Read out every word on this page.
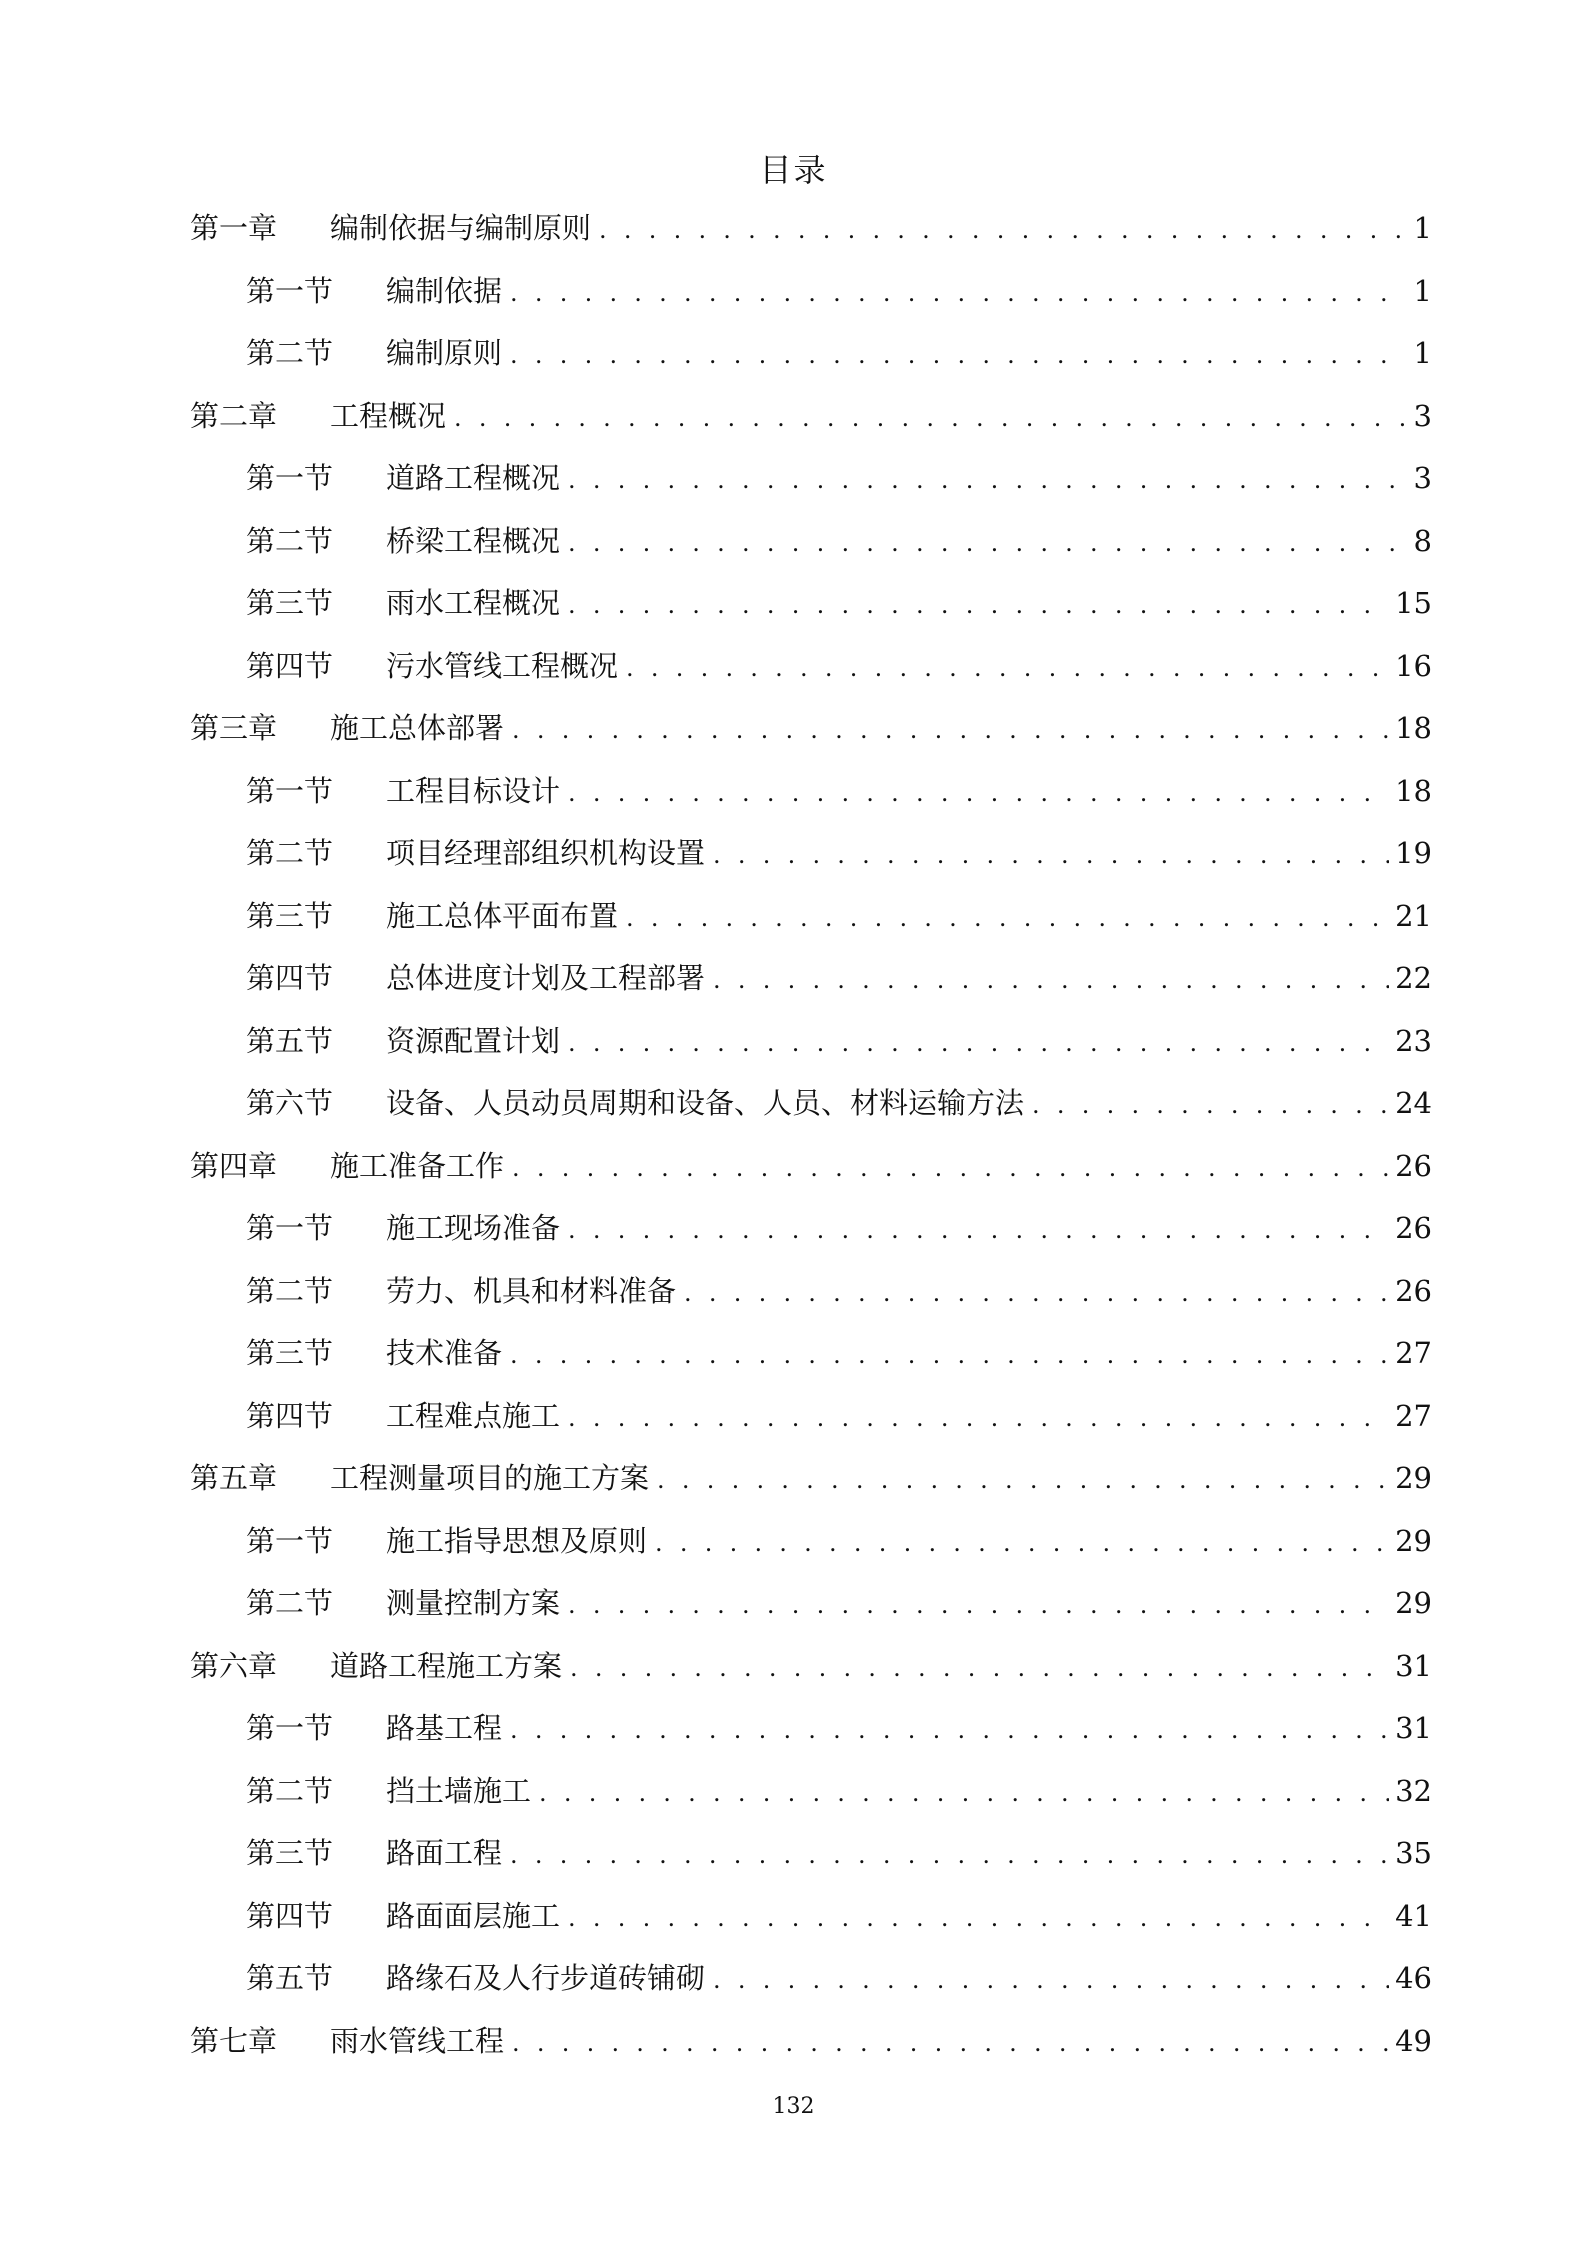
目录
第一章	编制依据与编制原则 . . .	1
第一节	编制依据 . . .	1
第二节	编制原则 . . .	1
第二章	工程概况 . . .	3
第一节	道路工程概况 . . .	3
第二节	桥梁工程概况 . . .	8
第三节	雨水工程概况 . . .	15
第四节	污水管线工程概况 . . .	16
第三章	施工总体部署 . . .	18
第一节	工程目标设计 . . .	18
第二节	项目经理部组织机构设置 . . .	19
第三节	施工总体平面布置 . . .	21
第四节	总体进度计划及工程部署 . . .	22
第五节	资源配置计划 . . .	23
第六节	设备、人员动员周期和设备、人员、材料运输方法 . . .	24
第四章	施工准备工作 . . .	26
第一节	施工现场准备 . . .	26
第二节	劳力、机具和材料准备 . . .	26
第三节	技术准备 . . .	27
第四节	工程难点施工 . . .	27
第五章	工程测量项目的施工方案 . . .	29
第一节	施工指导思想及原则 . . .	29
第二节	测量控制方案 . . .	29
第六章	道路工程施工方案 . . .	31
第一节	路基工程 . . .	31
第二节	挡土墙施工 . . .	32
第三节	路面工程 . . .	35
第四节	路面面层施工 . . .	41
第五节	路缘石及人行步道砖铺砌 . . .	46
第七章	雨水管线工程 . . .	49
132
